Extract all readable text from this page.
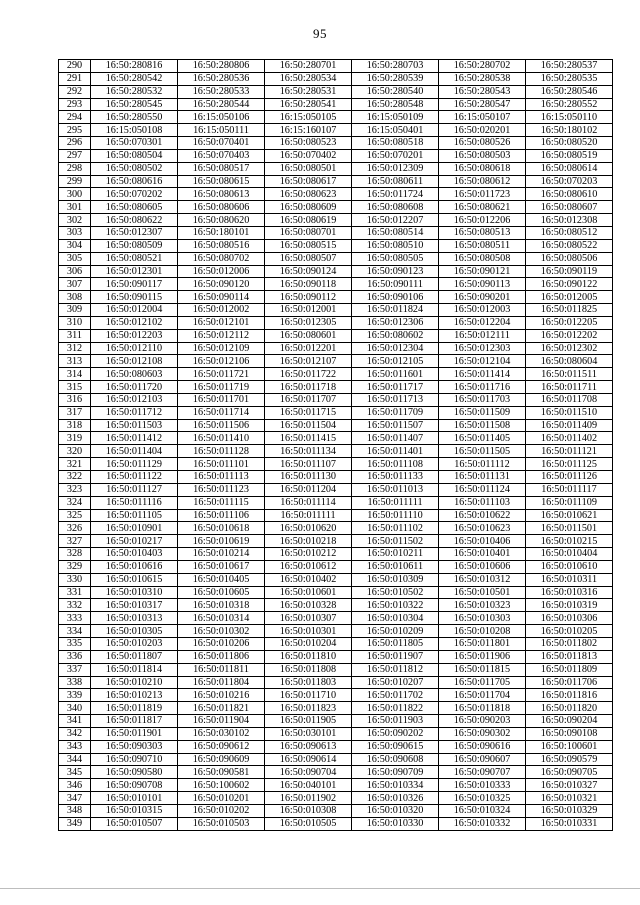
95
290	16:50:280816	16:50:280806	16:50:280701	16:50:280703	16:50:280702	16:50:280537
291	16:50:280542	16:50:280536	16:50:280534	16:50:280539	16:50:280538	16:50:280535
292	16:50:280532	16:50:280533	16:50:280531	16:50:280540	16:50:280543	16:50:280546
293	16:50:280545	16:50:280544	16:50:280541	16:50:280548	16:50:280547	16:50:280552
294	16:50:280550	16:15:050106	16:15:050105	16:15:050109	16:15:050107	16:15:050110
295	16:15:050108	16:15:050111	16:15:160107	16:15:050401	16:50:020201	16:50:180102
296	16:50:070301	16:50:070401	16:50:080523	16:50:080518	16:50:080526	16:50:080520
297	16:50:080504	16:50:070403	16:50:070402	16:50:070201	16:50:080503	16:50:080519
298	16:50:080502	16:50:080517	16:50:080501	16:50:012309	16:50:080618	16:50:080614
299	16:50:080616	16:50:080615	16:50:080617	16:50:080611	16:50:080612	16:50:070203
300	16:50:070202	16:50:080613	16:50:080623	16:50:011724	16:50:011723	16:50:080610
301	16:50:080605	16:50:080606	16:50:080609	16:50:080608	16:50:080621	16:50:080607
302	16:50:080622	16:50:080620	16:50:080619	16:50:012207	16:50:012206	16:50:012308
303	16:50:012307	16:50:180101	16:50:080701	16:50:080514	16:50:080513	16:50:080512
304	16:50:080509	16:50:080516	16:50:080515	16:50:080510	16:50:080511	16:50:080522
305	16:50:080521	16:50:080702	16:50:080507	16:50:080505	16:50:080508	16:50:080506
306	16:50:012301	16:50:012006	16:50:090124	16:50:090123	16:50:090121	16:50:090119
307	16:50:090117	16:50:090120	16:50:090118	16:50:090111	16:50:090113	16:50:090122
308	16:50:090115	16:50:090114	16:50:090112	16:50:090106	16:50:090201	16:50:012005
309	16:50:012004	16:50:012002	16:50:012001	16:50:011824	16:50:012003	16:50:011825
310	16:50:012102	16:50:012101	16:50:012305	16:50:012306	16:50:012204	16:50:012205
311	16:50:012203	16:50:012112	16:50:080601	16:50:080602	16:50:012111	16:50:012202
312	16:50:012110	16:50:012109	16:50:012201	16:50:012304	16:50:012303	16:50:012302
313	16:50:012108	16:50:012106	16:50:012107	16:50:012105	16:50:012104	16:50:080604
314	16:50:080603	16:50:011721	16:50:011722	16:50:011601	16:50:011414	16:50:011511
315	16:50:011720	16:50:011719	16:50:011718	16:50:011717	16:50:011716	16:50:011711
316	16:50:012103	16:50:011701	16:50:011707	16:50:011713	16:50:011703	16:50:011708
317	16:50:011712	16:50:011714	16:50:011715	16:50:011709	16:50:011509	16:50:011510
318	16:50:011503	16:50:011506	16:50:011504	16:50:011507	16:50:011508	16:50:011409
319	16:50:011412	16:50:011410	16:50:011415	16:50:011407	16:50:011405	16:50:011402
320	16:50:011404	16:50:011128	16:50:011134	16:50:011401	16:50:011505	16:50:011121
321	16:50:011129	16:50:011101	16:50:011107	16:50:011108	16:50:011112	16:50:011125
322	16:50:011122	16:50:011113	16:50:011130	16:50:011133	16:50:011131	16:50:011126
323	16:50:011127	16:50:011123	16:50:011204	16:50:011013	16:50:011124	16:50:011117
324	16:50:011116	16:50:011115	16:50:011114	16:50:011111	16:50:011103	16:50:011109
325	16:50:011105	16:50:011106	16:50:011111	16:50:011110	16:50:010622	16:50:010621
326	16:50:010901	16:50:010618	16:50:010620	16:50:011102	16:50:010623	16:50:011501
327	16:50:010217	16:50:010619	16:50:010218	16:50:011502	16:50:010406	16:50:010215
328	16:50:010403	16:50:010214	16:50:010212	16:50:010211	16:50:010401	16:50:010404
329	16:50:010616	16:50:010617	16:50:010612	16:50:010611	16:50:010606	16:50:010610
330	16:50:010615	16:50:010405	16:50:010402	16:50:010309	16:50:010312	16:50:010311
331	16:50:010310	16:50:010605	16:50:010601	16:50:010502	16:50:010501	16:50:010316
332	16:50:010317	16:50:010318	16:50:010328	16:50:010322	16:50:010323	16:50:010319
333	16:50:010313	16:50:010314	16:50:010307	16:50:010304	16:50:010303	16:50:010306
334	16:50:010305	16:50:010302	16:50:010301	16:50:010209	16:50:010208	16:50:010205
335	16:50:010203	16:50:010206	16:50:010204	16:50:011805	16:50:011801	16:50:011802
336	16:50:011807	16:50:011806	16:50:011810	16:50:011907	16:50:011906	16:50:011813
337	16:50:011814	16:50:011811	16:50:011808	16:50:011812	16:50:011815	16:50:011809
338	16:50:010210	16:50:011804	16:50:011803	16:50:010207	16:50:011705	16:50:011706
339	16:50:010213	16:50:010216	16:50:011710	16:50:011702	16:50:011704	16:50:011816
340	16:50:011819	16:50:011821	16:50:011823	16:50:011822	16:50:011818	16:50:011820
341	16:50:011817	16:50:011904	16:50:011905	16:50:011903	16:50:090203	16:50:090204
342	16:50:011901	16:50:030102	16:50:030101	16:50:090202	16:50:090302	16:50:090108
343	16:50:090303	16:50:090612	16:50:090613	16:50:090615	16:50:090616	16:50:100601
344	16:50:090710	16:50:090609	16:50:090614	16:50:090608	16:50:090607	16:50:090579
345	16:50:090580	16:50:090581	16:50:090704	16:50:090709	16:50:090707	16:50:090705
346	16:50:090708	16:50:100602	16:50:040101	16:50:010334	16:50:010333	16:50:010327
347	16:50:010101	16:50:010201	16:50:011902	16:50:010326	16:50:010325	16:50:010321
348	16:50:010315	16:50:010202	16:50:010308	16:50:010320	16:50:010324	16:50:010329
349	16:50:010507	16:50:010503	16:50:010505	16:50:010330	16:50:010332	16:50:010331
